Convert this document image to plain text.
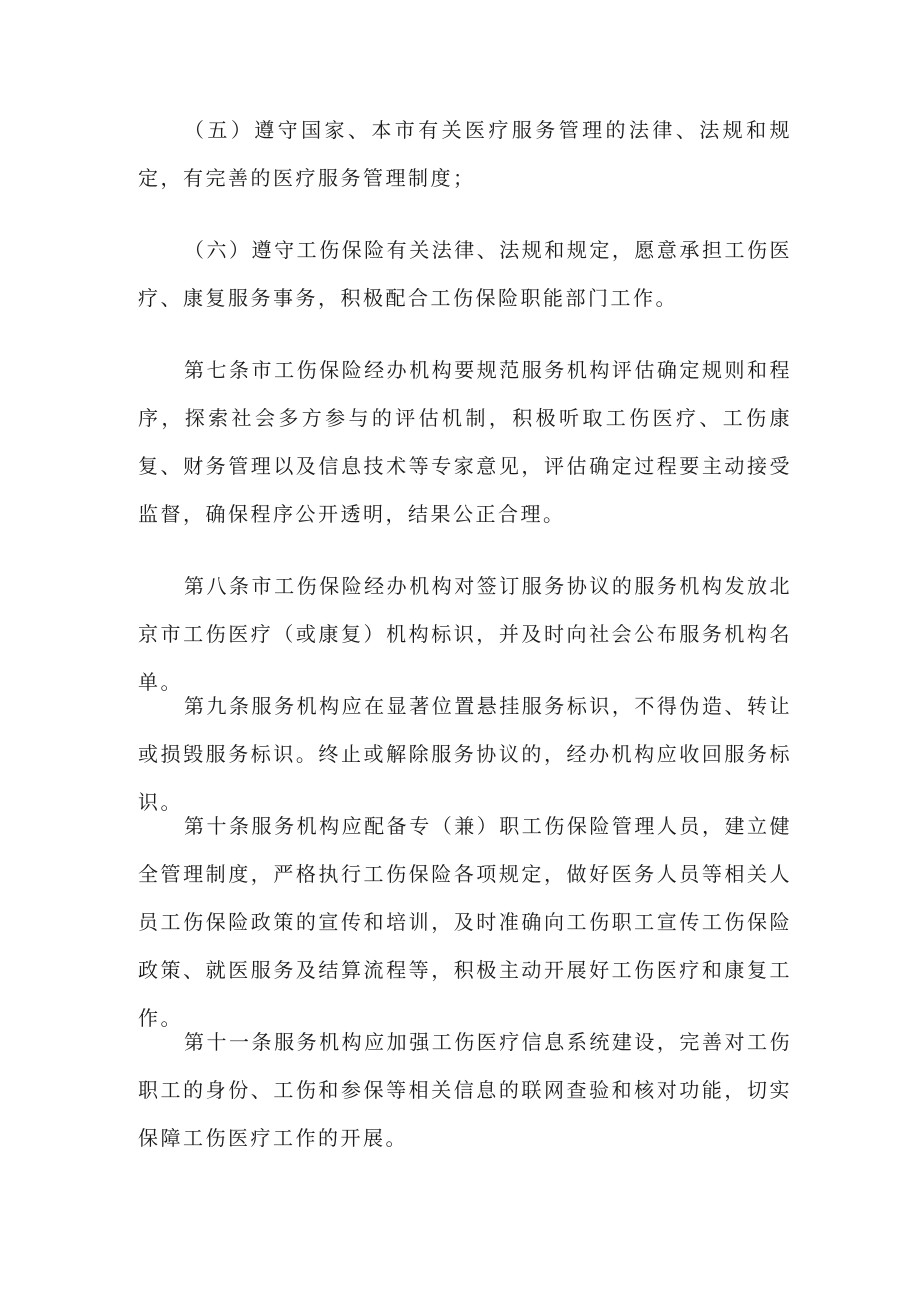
（五）遵守国家、本市有关医疗服务管理的法律、法规和规定，有完善的医疗服务管理制度；

（六）遵守工伤保险有关法律、法规和规定，愿意承担工伤医疗、康复服务事务，积极配合工伤保险职能部门工作。

第七条市工伤保险经办机构要规范服务机构评估确定规则和程序，探索社会多方参与的评估机制，积极听取工伤医疗、工伤康复、财务管理以及信息技术等专家意见，评估确定过程要主动接受监督，确保程序公开透明，结果公正合理。

第八条市工伤保险经办机构对签订服务协议的服务机构发放北京市工伤医疗（或康复）机构标识，并及时向社会公布服务机构名单。

第九条服务机构应在显著位置悬挂服务标识，不得伪造、转让或损毁服务标识。终止或解除服务协议的，经办机构应收回服务标识。

第十条服务机构应配备专（兼）职工伤保险管理人员，建立健全管理制度，严格执行工伤保险各项规定，做好医务人员等相关人员工伤保险政策的宣传和培训，及时准确向工伤职工宣传工伤保险政策、就医服务及结算流程等，积极主动开展好工伤医疗和康复工作。

第十一条服务机构应加强工伤医疗信息系统建设，完善对工伤职工的身份、工伤和参保等相关信息的联网查验和核对功能，切实保障工伤医疗工作的开展。
